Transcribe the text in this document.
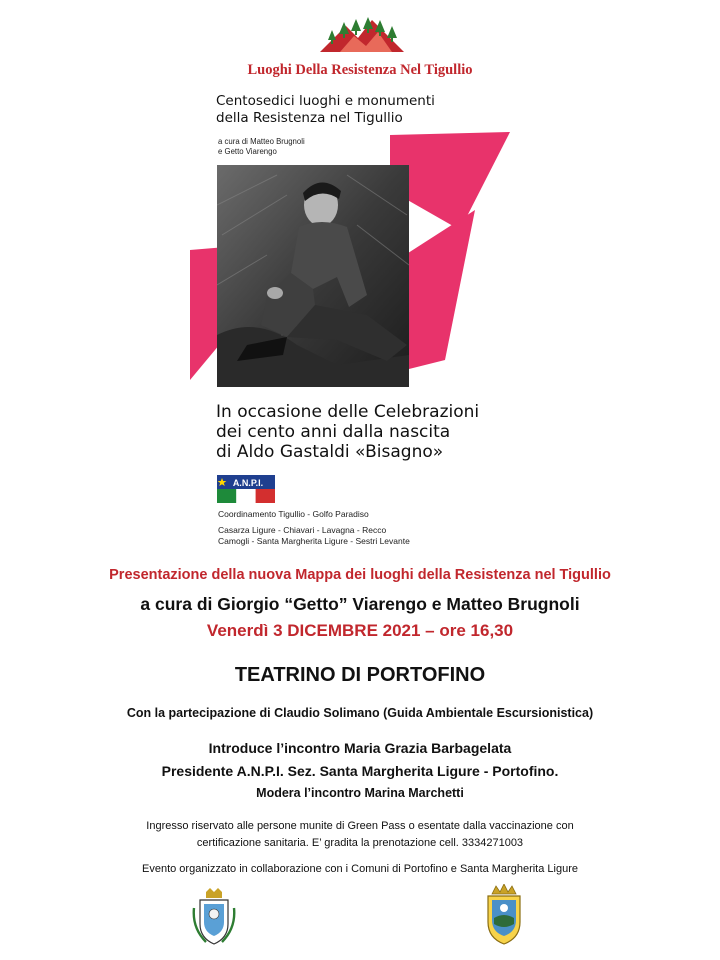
Luoghi Della Resistenza Nel Tigullio
Centosedici luoghi e monumenti
della Resistenza nel Tigullio
a cura di Matteo Brugnoli
e Getto Viarengo
In occasione delle Celebrazioni
dei cento anni dalla nascita
di Aldo Gastaldi «Bisagno»
A.N.P.I.
Coordinamento Tigullio - Golfo Paradiso
Casarza Ligure - Chiavari - Lavagna - Recco
Camogli - Santa Margherita Ligure - Sestri Levante
Presentazione della nuova Mappa dei luoghi della Resistenza nel Tigullio
a cura di Giorgio “Getto” Viarengo e Matteo Brugnoli
Venerdì 3 DICEMBRE 2021 – ore 16,30
TEATRINO DI PORTOFINO
Con la partecipazione di Claudio Solimano (Guida Ambientale Escursionistica)
Introduce l’incontro Maria Grazia Barbagelata
Presidente A.N.P.I. Sez. Santa Margherita Ligure - Portofino.
Modera l’incontro Marina Marchetti
Ingresso riservato alle persone munite di Green Pass o esentate dalla vaccinazione con
certificazione sanitaria. E’ gradita la prenotazione cell. 3334271003
Evento organizzato in collaborazione con i Comuni di Portofino e Santa Margherita Ligure
